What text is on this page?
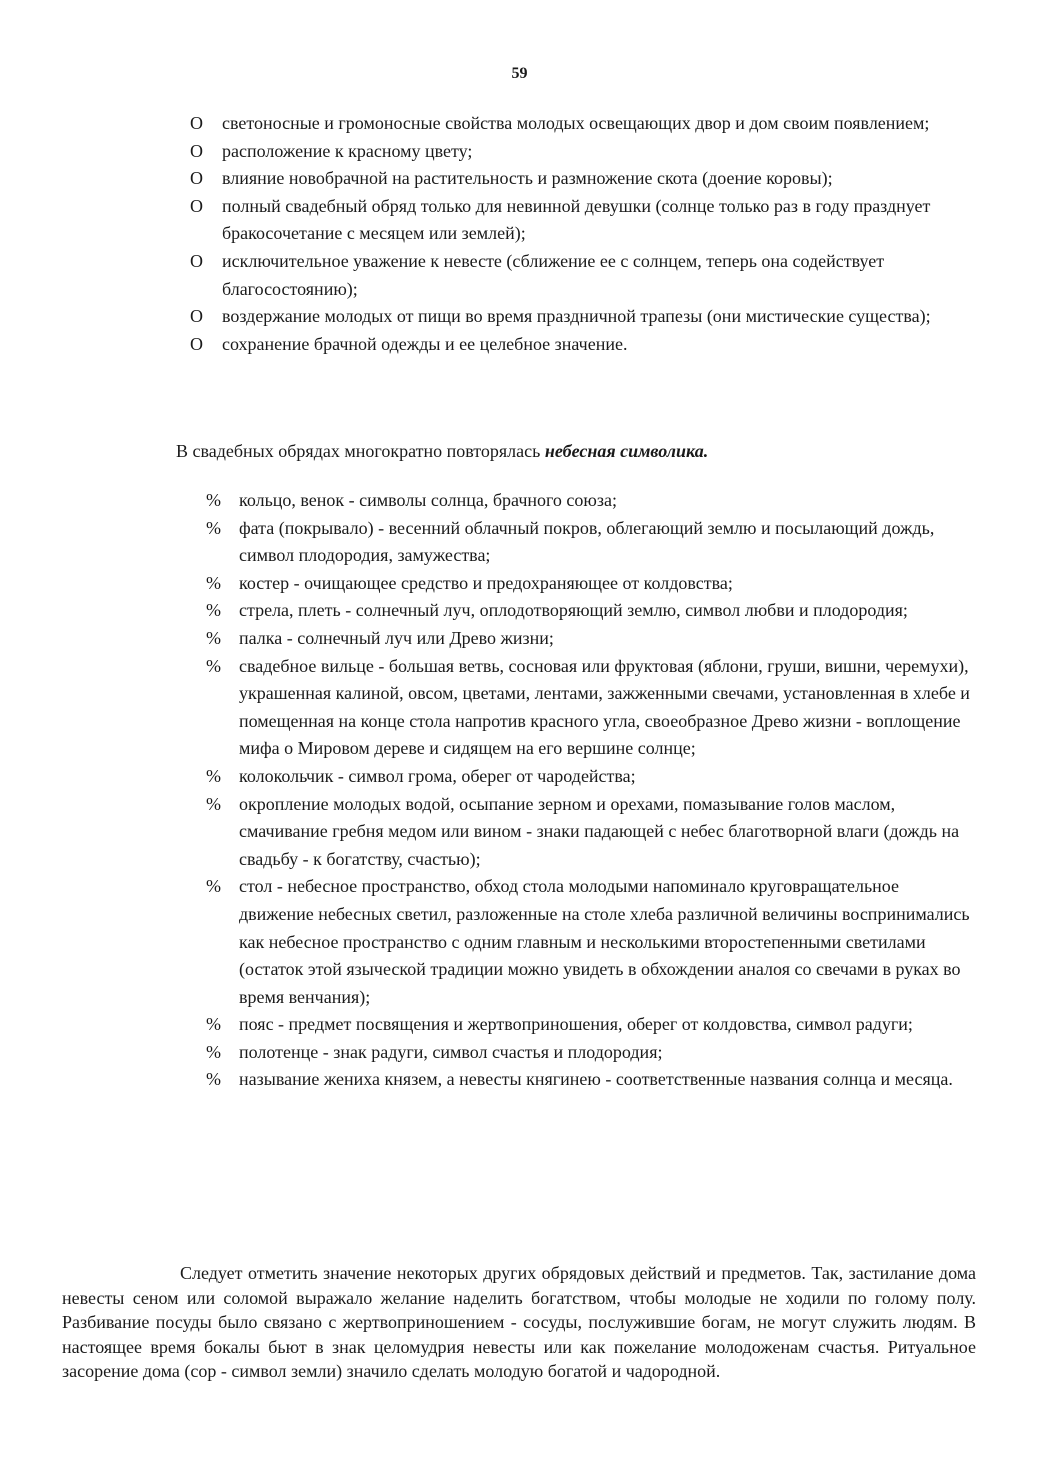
59
O светоносные и громоносные свойства молодых освещающих двор и дом своим появлением;
O расположение к красному цвету;
O влияние новобрачной на растительность и размножение скота (доение коровы);
O полный свадебный обряд только для невинной девушки (солнце только раз в году празднует бракосочетание с месяцем или землей);
O исключительное уважение к невесте (сближение ее с солнцем, теперь она содействует благосостоянию);
O воздержание молодых от пищи во время праздничной трапезы (они мистические существа);
O сохранение брачной одежды и ее целебное значение.

В свадебных обрядах многократно повторялась небесная символика.

% кольцо, венок - символы солнца, брачного союза;
% фата (покрывало) - весенний облачный покров, облегающий землю и посылающий дождь, символ плодородия, замужества;
% костер - очищающее средство и предохраняющее от колдовства;
% стрела, плеть - солнечный луч, оплодотворяющий землю, символ любви и плодородия;
% палка - солнечный луч или Древо жизни;
% свадебное вильце - большая ветвь, сосновая или фруктовая (яблони, груши, вишни, черемухи), украшенная калиной, овсом, цветами, лентами, зажженными свечами, установленная в хлебе и помещенная на конце стола напротив красного угла, своеобразное Древо жизни - воплощение мифа о Мировом дереве и сидящем на его вершине солнце;
% колокольчик - символ грома, оберег от чародейства;
% окропление молодых водой, осыпание зерном и орехами, помазывание голов маслом, смачивание гребня медом или вином - знаки падающей с небес благотворной влаги (дождь на свадьбу - к богатству, счастью);
% стол - небесное пространство, обход стола молодыми напоминало круговращательное движение небесных светил, разложенные на столе хлеба различной величины воспринимались как небесное пространство с одним главным и несколькими второстепенными светилами (остаток этой языческой традиции можно увидеть в обхождении аналоя со свечами в руках во время венчания);
% пояс - предмет посвящения и жертвоприношения, оберег от колдовства, символ радуги;
% полотенце - знак радуги, символ счастья и плодородия;
% называние жениха князем, а невесты княгинею - соответственные названия солнца и месяца.

Следует отметить значение некоторых других обрядовых действий и предметов. Так, застилание дома невесты сеном или соломой выражало желание наделить богатством, чтобы молодые не ходили по голому полу. Разбивание посуды было связано с жертвоприношением - сосуды, послужившие богам, не могут служить людям. В настоящее время бокалы бьют в знак целомудрия невесты или как пожелание молодоженам счастья. Ритуальное засорение дома (сор - символ земли) значило сделать молодую богатой и чадородной.
